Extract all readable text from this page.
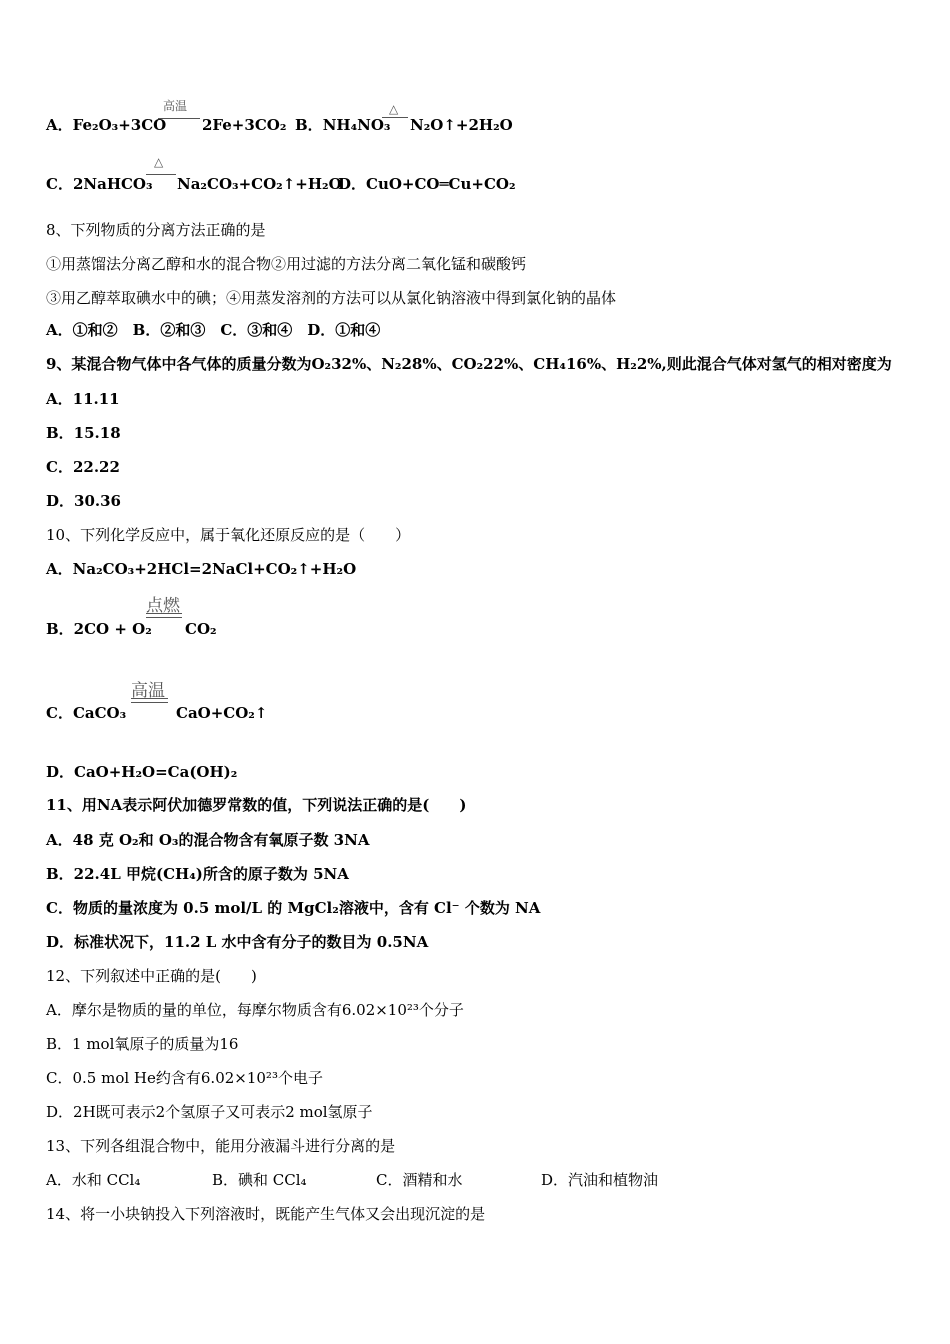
A．Fe₂O₃+3CO
高温
2Fe+3CO₂ B．NH₄NO₃
△
N₂O↑+2H₂O
C．2NaHCO₃
△
Na₂CO₃+CO₂↑+H₂O
D．CuO+CO═Cu+CO₂
8、下列物质的分离方法正确的是
①用蒸馏法分离乙醇和水的混合物②用过滤的方法分离二氧化锰和碳酸钙
③用乙醇萃取碘水中的碘；④用蒸发溶剂的方法可以从氯化钠溶液中得到氯化钠的晶体
A．①和②　B．②和③　C．③和④　D．①和④
9、某混合物气体中各气体的质量分数为O₂32%、N₂28%、CO₂22%、CH₄16%、H₂2%,则此混合气体对氢气的相对密度为
A．11.11
B．15.18
C．22.22
D．30.36
10、下列化学反应中，属于氧化还原反应的是（　　）
A．Na₂CO₃+2HCl=2NaCl+CO₂↑+H₂O
B．2CO + O₂
点燃
CO₂
C．CaCO₃
高温
CaO+CO₂↑
D．CaO+H₂O=Ca(OH)₂
11、用NA表示阿伏加德罗常数的值，下列说法正确的是(　　)
A．48 克 O₂和 O₃的混合物含有氧原子数 3NA
B．22.4L 甲烷(CH₄)所含的原子数为 5NA
C．物质的量浓度为 0.5 mol/L 的 MgCl₂溶液中，含有 Cl⁻ 个数为 NA
D．标准状况下，11.2 L 水中含有分子的数目为 0.5NA
12、下列叙述中正确的是(　　)
A．摩尔是物质的量的单位，每摩尔物质含有6.02×10²³个分子
B．1 mol氧原子的质量为16
C．0.5 mol He约含有6.02×10²³个电子
D．2H既可表示2个氢原子又可表示2 mol氢原子
13、下列各组混合物中，能用分液漏斗进行分离的是
A．水和 CCl₄	B．碘和 CCl₄	C．酒精和水	D．汽油和植物油
14、将一小块钠投入下列溶液时，既能产生气体又会出现沉淀的是
